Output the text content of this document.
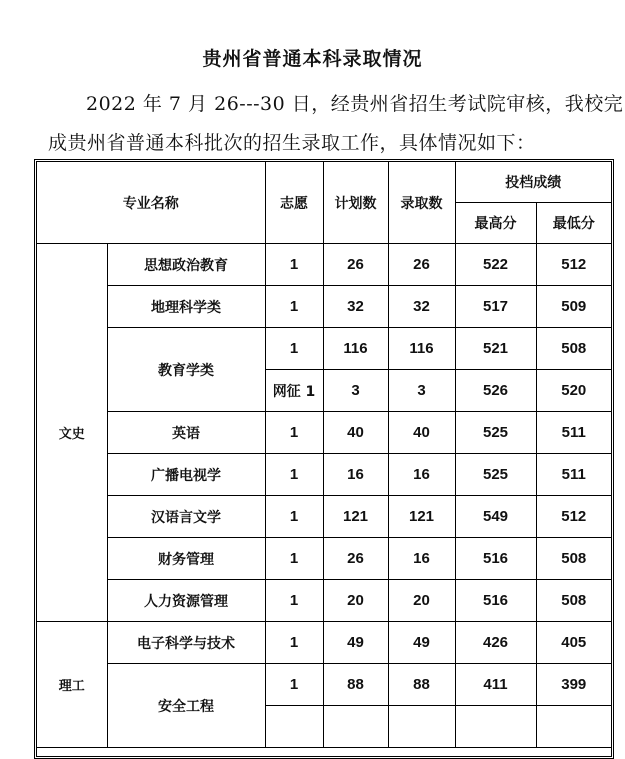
贵州省普通本科录取情况
2022 年 7 月 26---30 日，经贵州省招生考试院审核，我校完
成贵州省普通本科批次的招生录取工作，具体情况如下：
专业名称		志愿	计划数	录取数	投档成绩	
					最高分	最低分
文史	思想政治教育	1	26	26	522	512
	地理科学类	1	32	32	517	509
	教育学类	1	116	116	521	508
		网征 1	3	3	526	520
	英语	1	40	40	525	511
	广播电视学	1	16	16	525	511
	汉语言文学	1	121	121	549	512
	财务管理	1	26	16	516	508
	人力资源管理	1	20	20	516	508
理工	电子科学与技术	1	49	49	426	405
	安全工程	1	88	88	411	399
